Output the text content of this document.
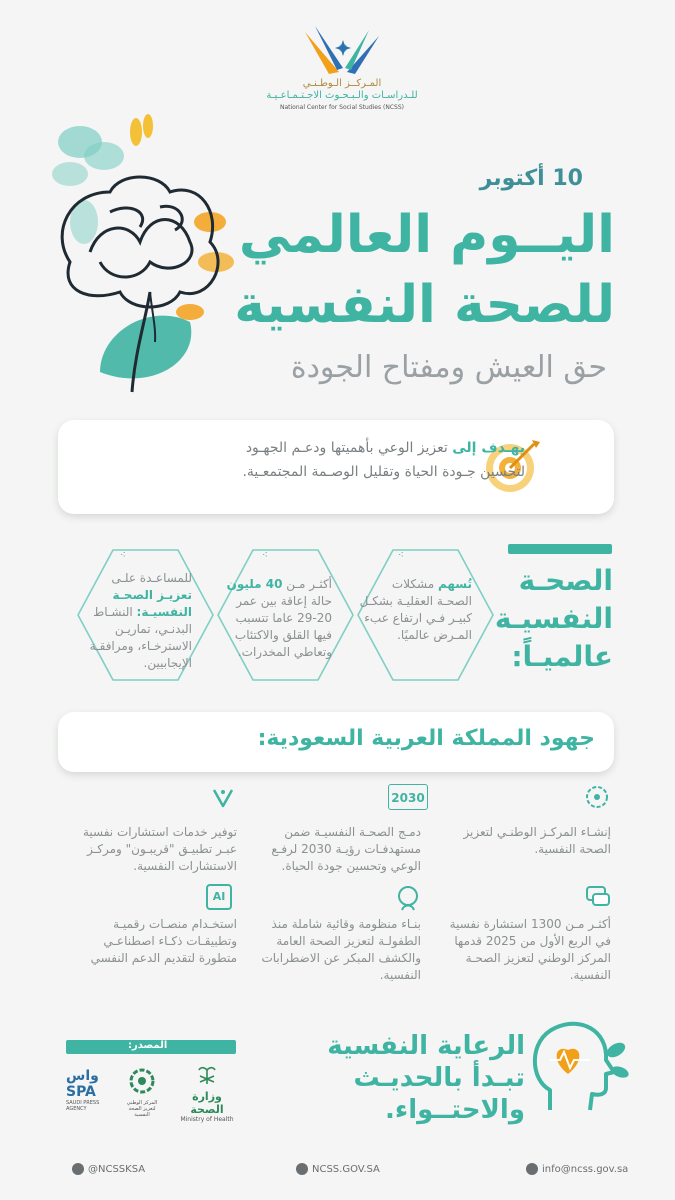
المـركــز الـوطـنـي
للـدراسـات والـبـحـوث الاجـتـمـاعـيـة
National Center for Social Studies (NCSS)
10 أكتوبر
اليــوم العالمي
للصحة النفسية
حق العيش ومفتاح الجودة
يهـدف إلى تعزيز الوعي بأهميتها ودعـم الجهـود
لتحسين جـودة الحياة وتقليل الوصـمة المجتمعـية.
الصحـة
النفسيـة
عالميـاً:
⁖
⁖
⁖
تُسهم مشكلات الصحـة العقليـة بشكـل كبيـر فـي ارتفاع عبء المـرض عالميًا.
أكثـر مـن 40 مليون حالة إعاقة بين عمر 20-29 عاما تتسبب فيها القلق والاكتئاب وتعاطي المخدرات.
للمساعـدة علـى تعزيـز الصحـة النفسيـة: النشـاط البدنـي، تماريـن الاسترخـاء، ومرافقـة الإيجابيين.
جهود المملكة العربية السعودية:
2030
إنشـاء المركـز الوطنـي لتعزيز الصحة النفسية.
دمـج الصحـة النفسيـة ضمن مستهدفـات رؤيـة 2030 لرفـع الوعي وتحسين جودة الحياة.
توفير خدمات استشارات نفسية عبـر تطبيـق "قريبـون" ومركـز الاستشارات النفسية.
AI
أكثـر مـن 1300 استشارة نفسية في الربع الأول من 2025 قدمها المركز الوطني لتعزيز الصحـة النفسية.
بنـاء منظومة وقائية شاملة منذ الطفولـة لتعزيز الصحة العامة والكشف المبكر عن الاضطرابات النفسية.
استخـدام منصـات رقميـة وتطبيقـات ذكـاء اصطناعـي متطورة لتقديم الدعم النفسي
الرعاية النفسية
تبـدأ بالحديـث
والاحتــواء.
المصدر:
واس SPA
SAUDI PRESS AGENCY
المركز الوطني لتعزيز الصحة النفسية
وزارة الصحة
Ministry of Health
@NCSSKSA	NCSS.GOV.SA	info@ncss.gov.sa
